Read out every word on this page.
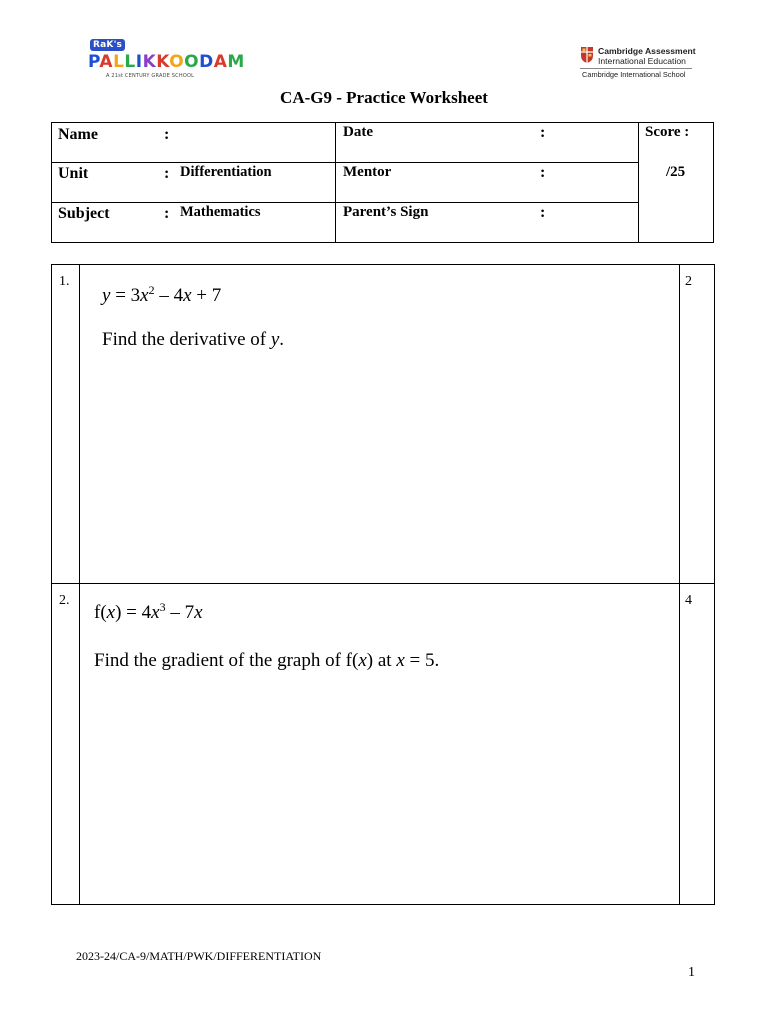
RaK's
PALLIKKOODAM
A 21st CENTURY GRADE SCHOOL
Cambridge Assessment
International Education
Cambridge International School
CA-G9 - Practice Worksheet
Name	:	Date	:	Score :
/25
Unit	: Differentiation	Mentor	:
Subject	: Mathematics	Parent’s Sign	:
1.	2
$y = 3x^2 - 4x + 7$
Find the derivative of y.
2.	4
$f(x) = 4x^3 - 7x$
Find the gradient of the graph of f(x) at x = 5.
2023-24/CA-9/MATH/PWK/DIFFERENTIATION
1
